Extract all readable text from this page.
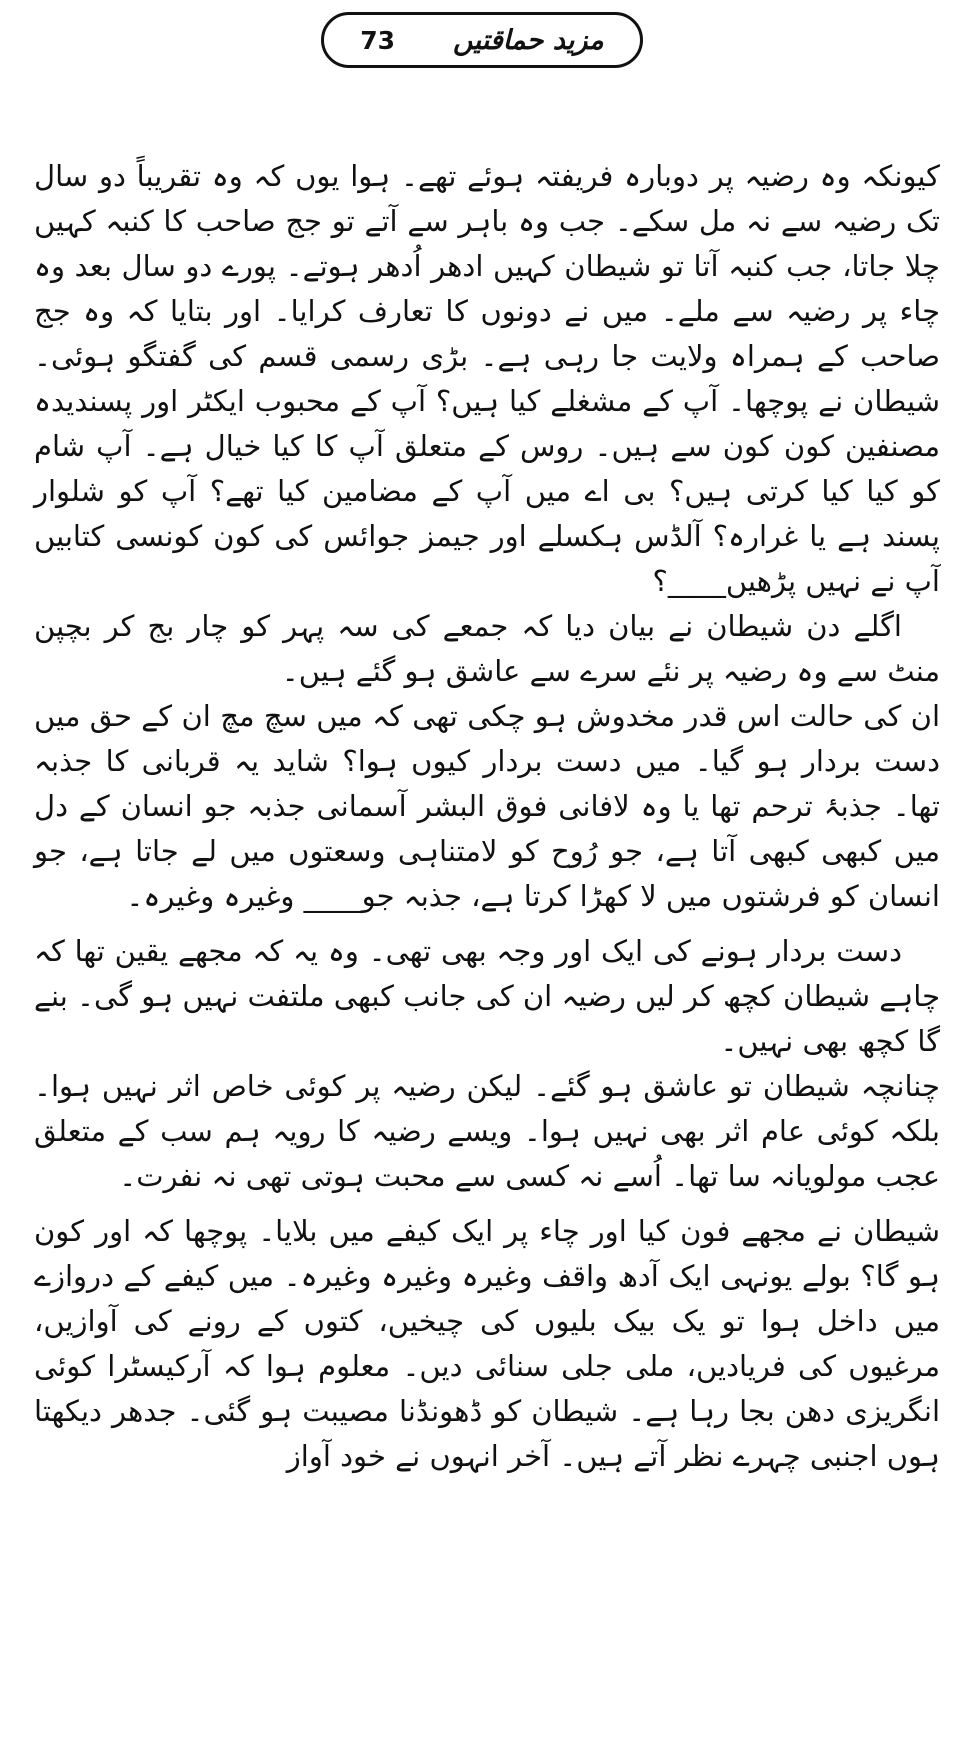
مزید حماقتیں
73

کیونکہ وہ رضیہ پر دوبارہ فریفتہ ہوئے تھے۔ ہوا یوں کہ وہ تقریباً دو سال تک رضیہ سے نہ مل سکے۔ جب وہ باہر سے آتے تو جج صاحب کا کنبہ کہیں چلا جاتا، جب کنبہ آتا تو شیطان کہیں ادھر اُدھر ہوتے۔ پورے دو سال بعد وہ چاء پر رضیہ سے ملے۔ میں نے دونوں کا تعارف کرایا۔ اور بتایا کہ وہ جج صاحب کے ہمراہ ولایت جا رہی ہے۔ بڑی رسمی قسم کی گفتگو ہوئی۔ شیطان نے پوچھا۔ آپ کے مشغلے کیا ہیں؟ آپ کے محبوب ایکٹر اور پسندیدہ مصنفین کون کون سے ہیں۔ روس کے متعلق آپ کا کیا خیال ہے۔ آپ شام کو کیا کیا کرتی ہیں؟ بی اے میں آپ کے مضامین کیا تھے؟ آپ کو شلوار پسند ہے یا غرارہ؟ آلڈس ہکسلے اور جیمز جوائس کی کون کونسی کتابیں آپ نے نہیں پڑھیں____؟

اگلے دن شیطان نے بیان دیا کہ جمعے کی سہ پہر کو چار بج کر بچپن منٹ سے وہ رضیہ پر نئے سرے سے عاشق ہو گئے ہیں۔

ان کی حالت اس قدر مخدوش ہو چکی تھی کہ میں سچ مچ ان کے حق میں دست بردار ہو گیا۔ میں دست بردار کیوں ہوا؟ شاید یہ قربانی کا جذبہ تھا۔ جذبۂ ترحم تھا یا وہ لافانی فوق البشر آسمانی جذبہ جو انسان کے دل میں کبھی کبھی آتا ہے، جو رُوح کو لامتناہی وسعتوں میں لے جاتا ہے، جو انسان کو فرشتوں میں لا کھڑا کرتا ہے، جذبہ جو____ وغیرہ وغیرہ۔

دست بردار ہونے کی ایک اور وجہ بھی تھی۔ وہ یہ کہ مجھے یقین تھا کہ چاہے شیطان کچھ کر لیں رضیہ ان کی جانب کبھی ملتفت نہیں ہو گی۔ بنے گا کچھ بھی نہیں۔

چنانچہ شیطان تو عاشق ہو گئے۔ لیکن رضیہ پر کوئی خاص اثر نہیں ہوا۔ بلکہ کوئی عام اثر بھی نہیں ہوا۔ ویسے رضیہ کا رویہ ہم سب کے متعلق عجب مولویانہ سا تھا۔ اُسے نہ کسی سے محبت ہوتی تھی نہ نفرت۔

شیطان نے مجھے فون کیا اور چاء پر ایک کیفے میں بلایا۔ پوچھا کہ اور کون ہو گا؟ بولے یونہی ایک آدھ واقف وغیرہ وغیرہ وغیرہ۔ میں کیفے کے دروازے میں داخل ہوا تو یک بیک بلیوں کی چیخیں، کتوں کے رونے کی آوازیں، مرغیوں کی فریادیں، ملی جلی سنائی دیں۔ معلوم ہوا کہ آرکیسٹرا کوئی انگریزی دھن بجا رہا ہے۔ شیطان کو ڈھونڈنا مصیبت ہو گئی۔ جدھر دیکھتا ہوں اجنبی چہرے نظر آتے ہیں۔ آخر انہوں نے خود آواز
